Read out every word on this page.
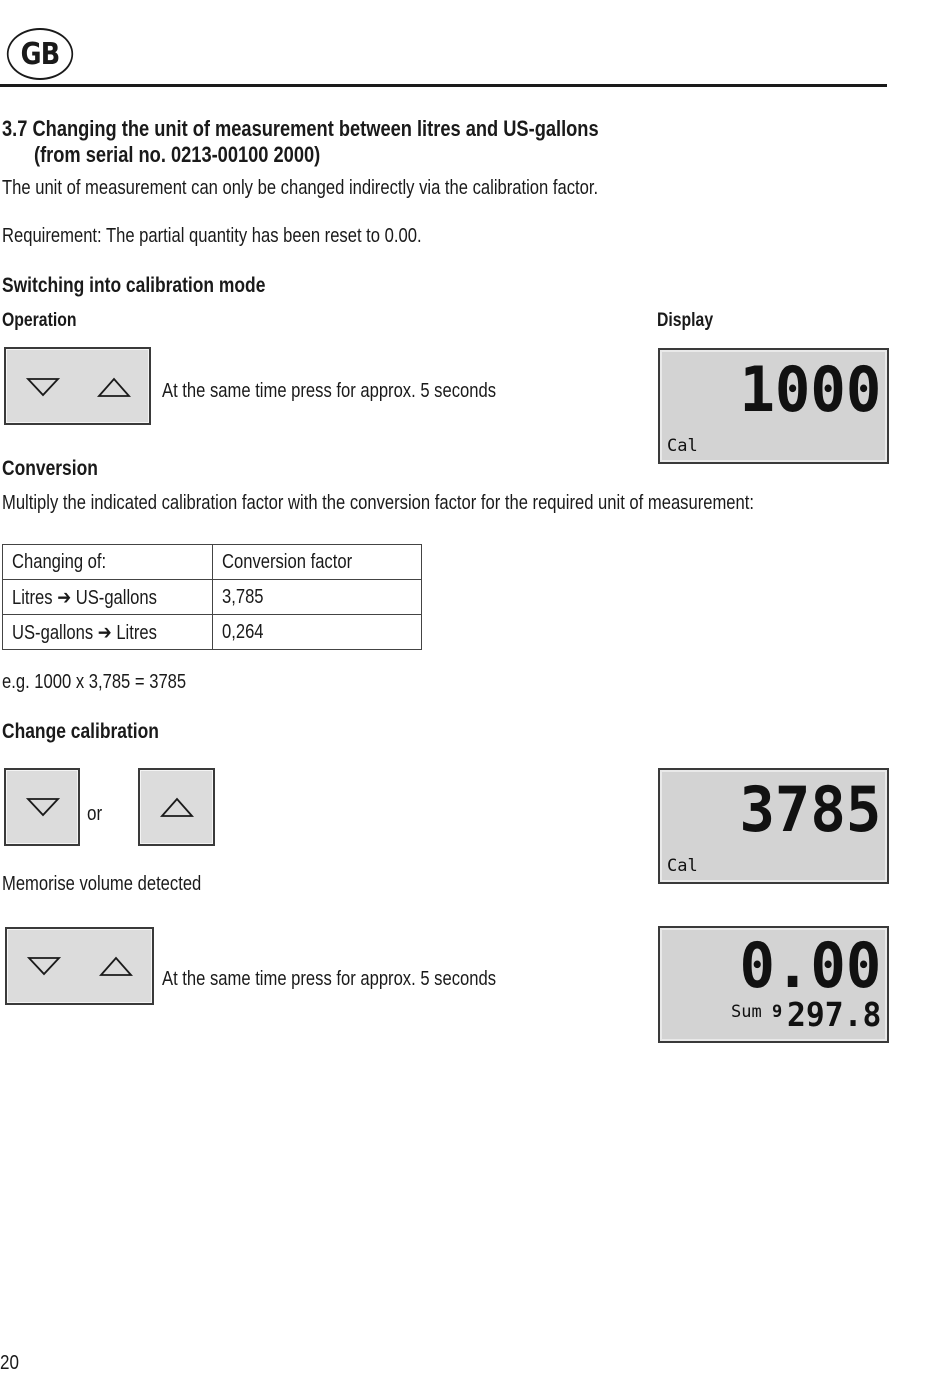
GB
3.7 Changing the unit of measurement between litres and US-gallons
(from serial no. 0213-00100 2000)
The unit of measurement can only be changed indirectly via the calibration factor.
Requirement: The partial quantity has been reset to 0.00.
Switching into calibration mode
Operation	Display
At the same time press for approx. 5 seconds	1000
Cal
Conversion
Multiply the indicated calibration factor with the conversion factor for the required unit of measurement:
Changing of:	Conversion factor
Litres ➔ US-gallons	3,785
US-gallons ➔ Litres	0,264
e.g. 1000 x 3,785 = 3785
Change calibration
or	3785
Cal
Memorise volume detected
At the same time press for approx. 5 seconds	0.00
Sum 9 297.8
20
